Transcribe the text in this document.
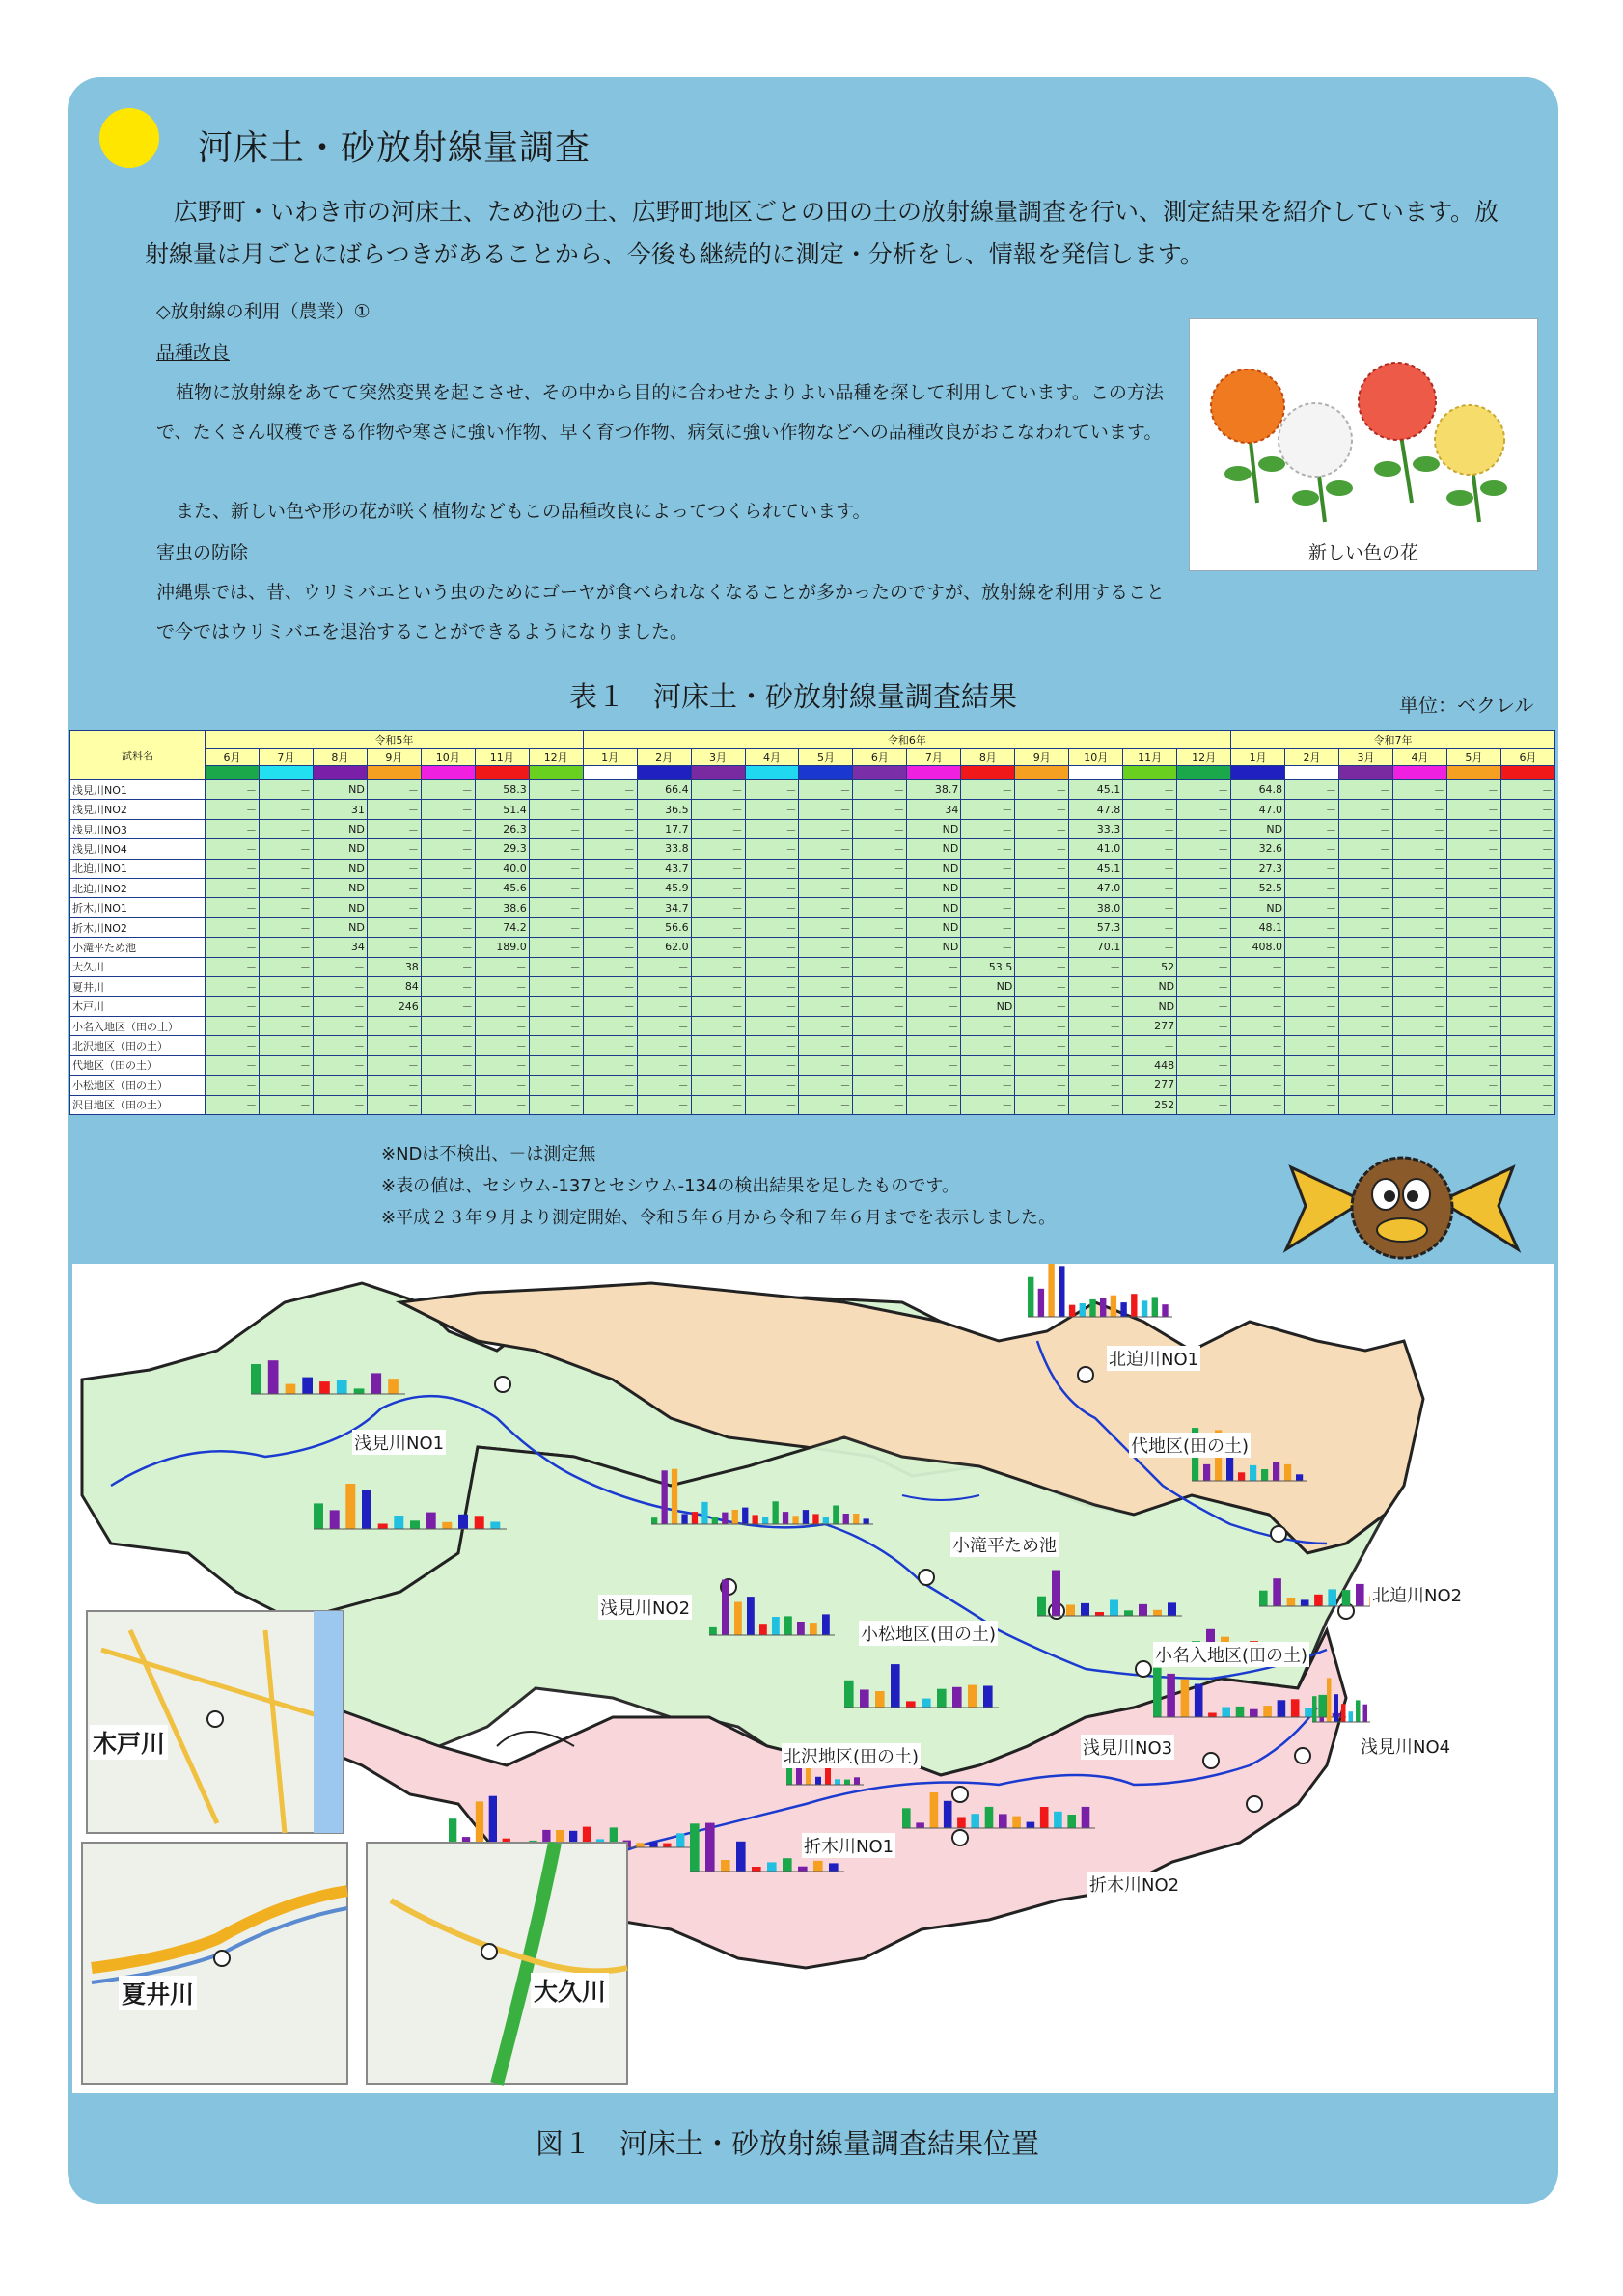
河床土・砂放射線量調査
広野町・いわき市の河床土、ため池の土、広野町地区ごとの田の土の放射線量調査を行い、測定結果を紹介しています。放射線量は月ごとにばらつきがあることから、今後も継続的に測定・分析をし、情報を発信します。
◇放射線の利用（農業）①
品種改良
植物に放射線をあてて突然変異を起こさせ、その中から目的に合わせたよりよい品種を探して利用しています。この方法で、たくさん収穫できる作物や寒さに強い作物、早く育つ作物、病気に強い作物などへの品種改良がおこなわれています。
また、新しい色や形の花が咲く植物などもこの品種改良によってつくられています。
害虫の防除
沖縄県では、昔、ウリミバエという虫のためにゴーヤが食べられなくなることが多かったのですが、放射線を利用することで今ではウリミバエを退治することができるようになりました。
新しい色の花
表１　河床土・砂放射線量調査結果	単位：ベクレル
試料名	令和5年							令和6年												令和7年					
	6月	7月	8月	9月	10月	11月	12月	1月	2月	3月	4月	5月	6月	7月	8月	9月	10月	11月	12月	1月	2月	3月	4月	5月	6月

浅見川NO1	－	－	ND	－	－	58.3	－	－	66.4	－	－	－	－	38.7	－	－	45.1	－	－	64.8	－	－	－	－	－
浅見川NO2	－	－	31	－	－	51.4	－	－	36.5	－	－	－	－	34	－	－	47.8	－	－	47.0	－	－	－	－	－
浅見川NO3	－	－	ND	－	－	26.3	－	－	17.7	－	－	－	－	ND	－	－	33.3	－	－	ND	－	－	－	－	－
浅見川NO4	－	－	ND	－	－	29.3	－	－	33.8	－	－	－	－	ND	－	－	41.0	－	－	32.6	－	－	－	－	－
北迫川NO1	－	－	ND	－	－	40.0	－	－	43.7	－	－	－	－	ND	－	－	45.1	－	－	27.3	－	－	－	－	－
北迫川NO2	－	－	ND	－	－	45.6	－	－	45.9	－	－	－	－	ND	－	－	47.0	－	－	52.5	－	－	－	－	－
折木川NO1	－	－	ND	－	－	38.6	－	－	34.7	－	－	－	－	ND	－	－	38.0	－	－	ND	－	－	－	－	－
折木川NO2	－	－	ND	－	－	74.2	－	－	56.6	－	－	－	－	ND	－	－	57.3	－	－	48.1	－	－	－	－	－
小滝平ため池	－	－	34	－	－	189.0	－	－	62.0	－	－	－	－	ND	－	－	70.1	－	－	408.0	－	－	－	－	－
大久川	－	－	－	38	－	－	－	－	－	－	－	－	－	－	53.5	－	－	52	－	－	－	－	－	－	－
夏井川	－	－	－	84	－	－	－	－	－	－	－	－	－	－	ND	－	－	ND	－	－	－	－	－	－	－
木戸川	－	－	－	246	－	－	－	－	－	－	－	－	－	－	ND	－	－	ND	－	－	－	－	－	－	－
小名入地区（田の土）	－	－	－	－	－	－	－	－	－	－	－	－	－	－	－	－	－	277	－	－	－	－	－	－	－
北沢地区（田の土）	－	－	－	－	－	－	－	－	－	－	－	－	－	－	－	－	－	－	－	－	－	－	－	－	－
代地区（田の土）	－	－	－	－	－	－	－	－	－	－	－	－	－	－	－	－	－	448	－	－	－	－	－	－	－
小松地区（田の土）	－	－	－	－	－	－	－	－	－	－	－	－	－	－	－	－	－	277	－	－	－	－	－	－	－
沢目地区（田の土）	－	－	－	－	－	－	－	－	－	－	－	－	－	－	－	－	－	252	－	－	－	－	－	－	－
※NDは不検出、－は測定無
※表の値は、セシウム-137とセシウム-134の検出結果を足したものです。
※平成２３年９月より測定開始、令和５年６月から令和７年６月までを表示しました。
浅見川NO1
北迫川NO1
代地区(田の土)
小滝平ため池
北迫川NO2
浅見川NO2
小松地区(田の土)
小名入地区(田の土)
浅見川NO3	浅見川NO4
北沢地区(田の土)
折木川NO1
折木川NO2
木戸川
夏井川	大久川
図１　河床土・砂放射線量調査結果位置
